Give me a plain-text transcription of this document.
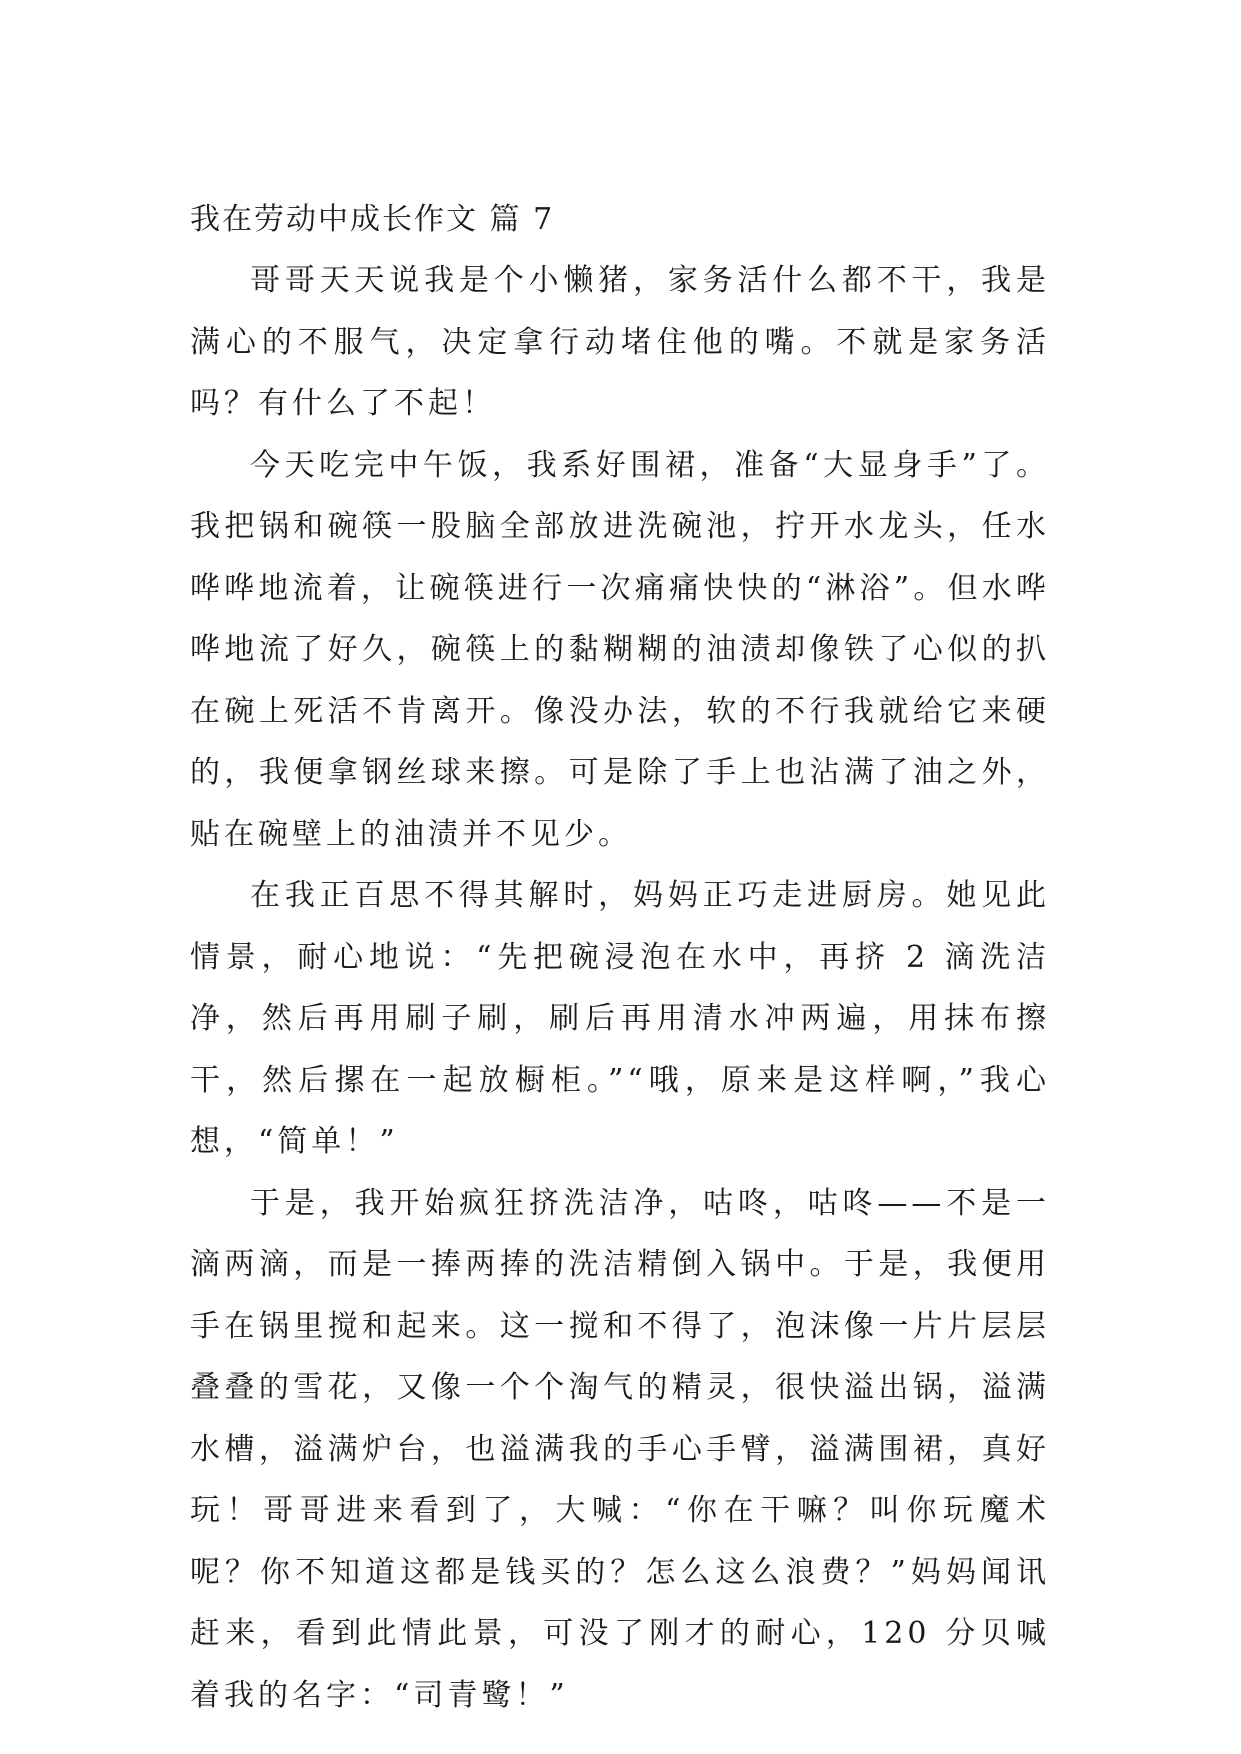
我在劳动中成长作文 篇 7

哥哥天天说我是个小懒猪，家务活什么都不干，我是满心的不服气，决定拿行动堵住他的嘴。不就是家务活吗？有什么了不起！

今天吃完中午饭，我系好围裙，准备“大显身手”了。我把锅和碗筷一股脑全部放进洗碗池，拧开水龙头，任水哗哗地流着，让碗筷进行一次痛痛快快的“淋浴”。但水哗哗地流了好久，碗筷上的黏糊糊的油渍却像铁了心似的扒在碗上死活不肯离开。像没办法，软的不行我就给它来硬的，我便拿钢丝球来擦。可是除了手上也沾满了油之外，贴在碗壁上的油渍并不见少。

在我正百思不得其解时，妈妈正巧走进厨房。她见此情景，耐心地说：“先把碗浸泡在水中，再挤 2 滴洗洁净，然后再用刷子刷，刷后再用清水冲两遍，用抹布擦干，然后摞在一起放橱柜。”“哦，原来是这样啊，”我心想，“简单！”

于是，我开始疯狂挤洗洁净，咕咚，咕咚——不是一滴两滴，而是一捧两捧的洗洁精倒入锅中。于是，我便用手在锅里搅和起来。这一搅和不得了，泡沫像一片片层层叠叠的雪花，又像一个个淘气的精灵，很快溢出锅，溢满水槽，溢满炉台，也溢满我的手心手臂，溢满围裙，真好玩！哥哥进来看到了，大喊：“你在干嘛？叫你玩魔术呢？你不知道这都是钱买的？怎么这么浪费？”妈妈闻讯赶来，看到此情此景，可没了刚才的耐心，120 分贝喊着我的名字：“司青鹭！”
